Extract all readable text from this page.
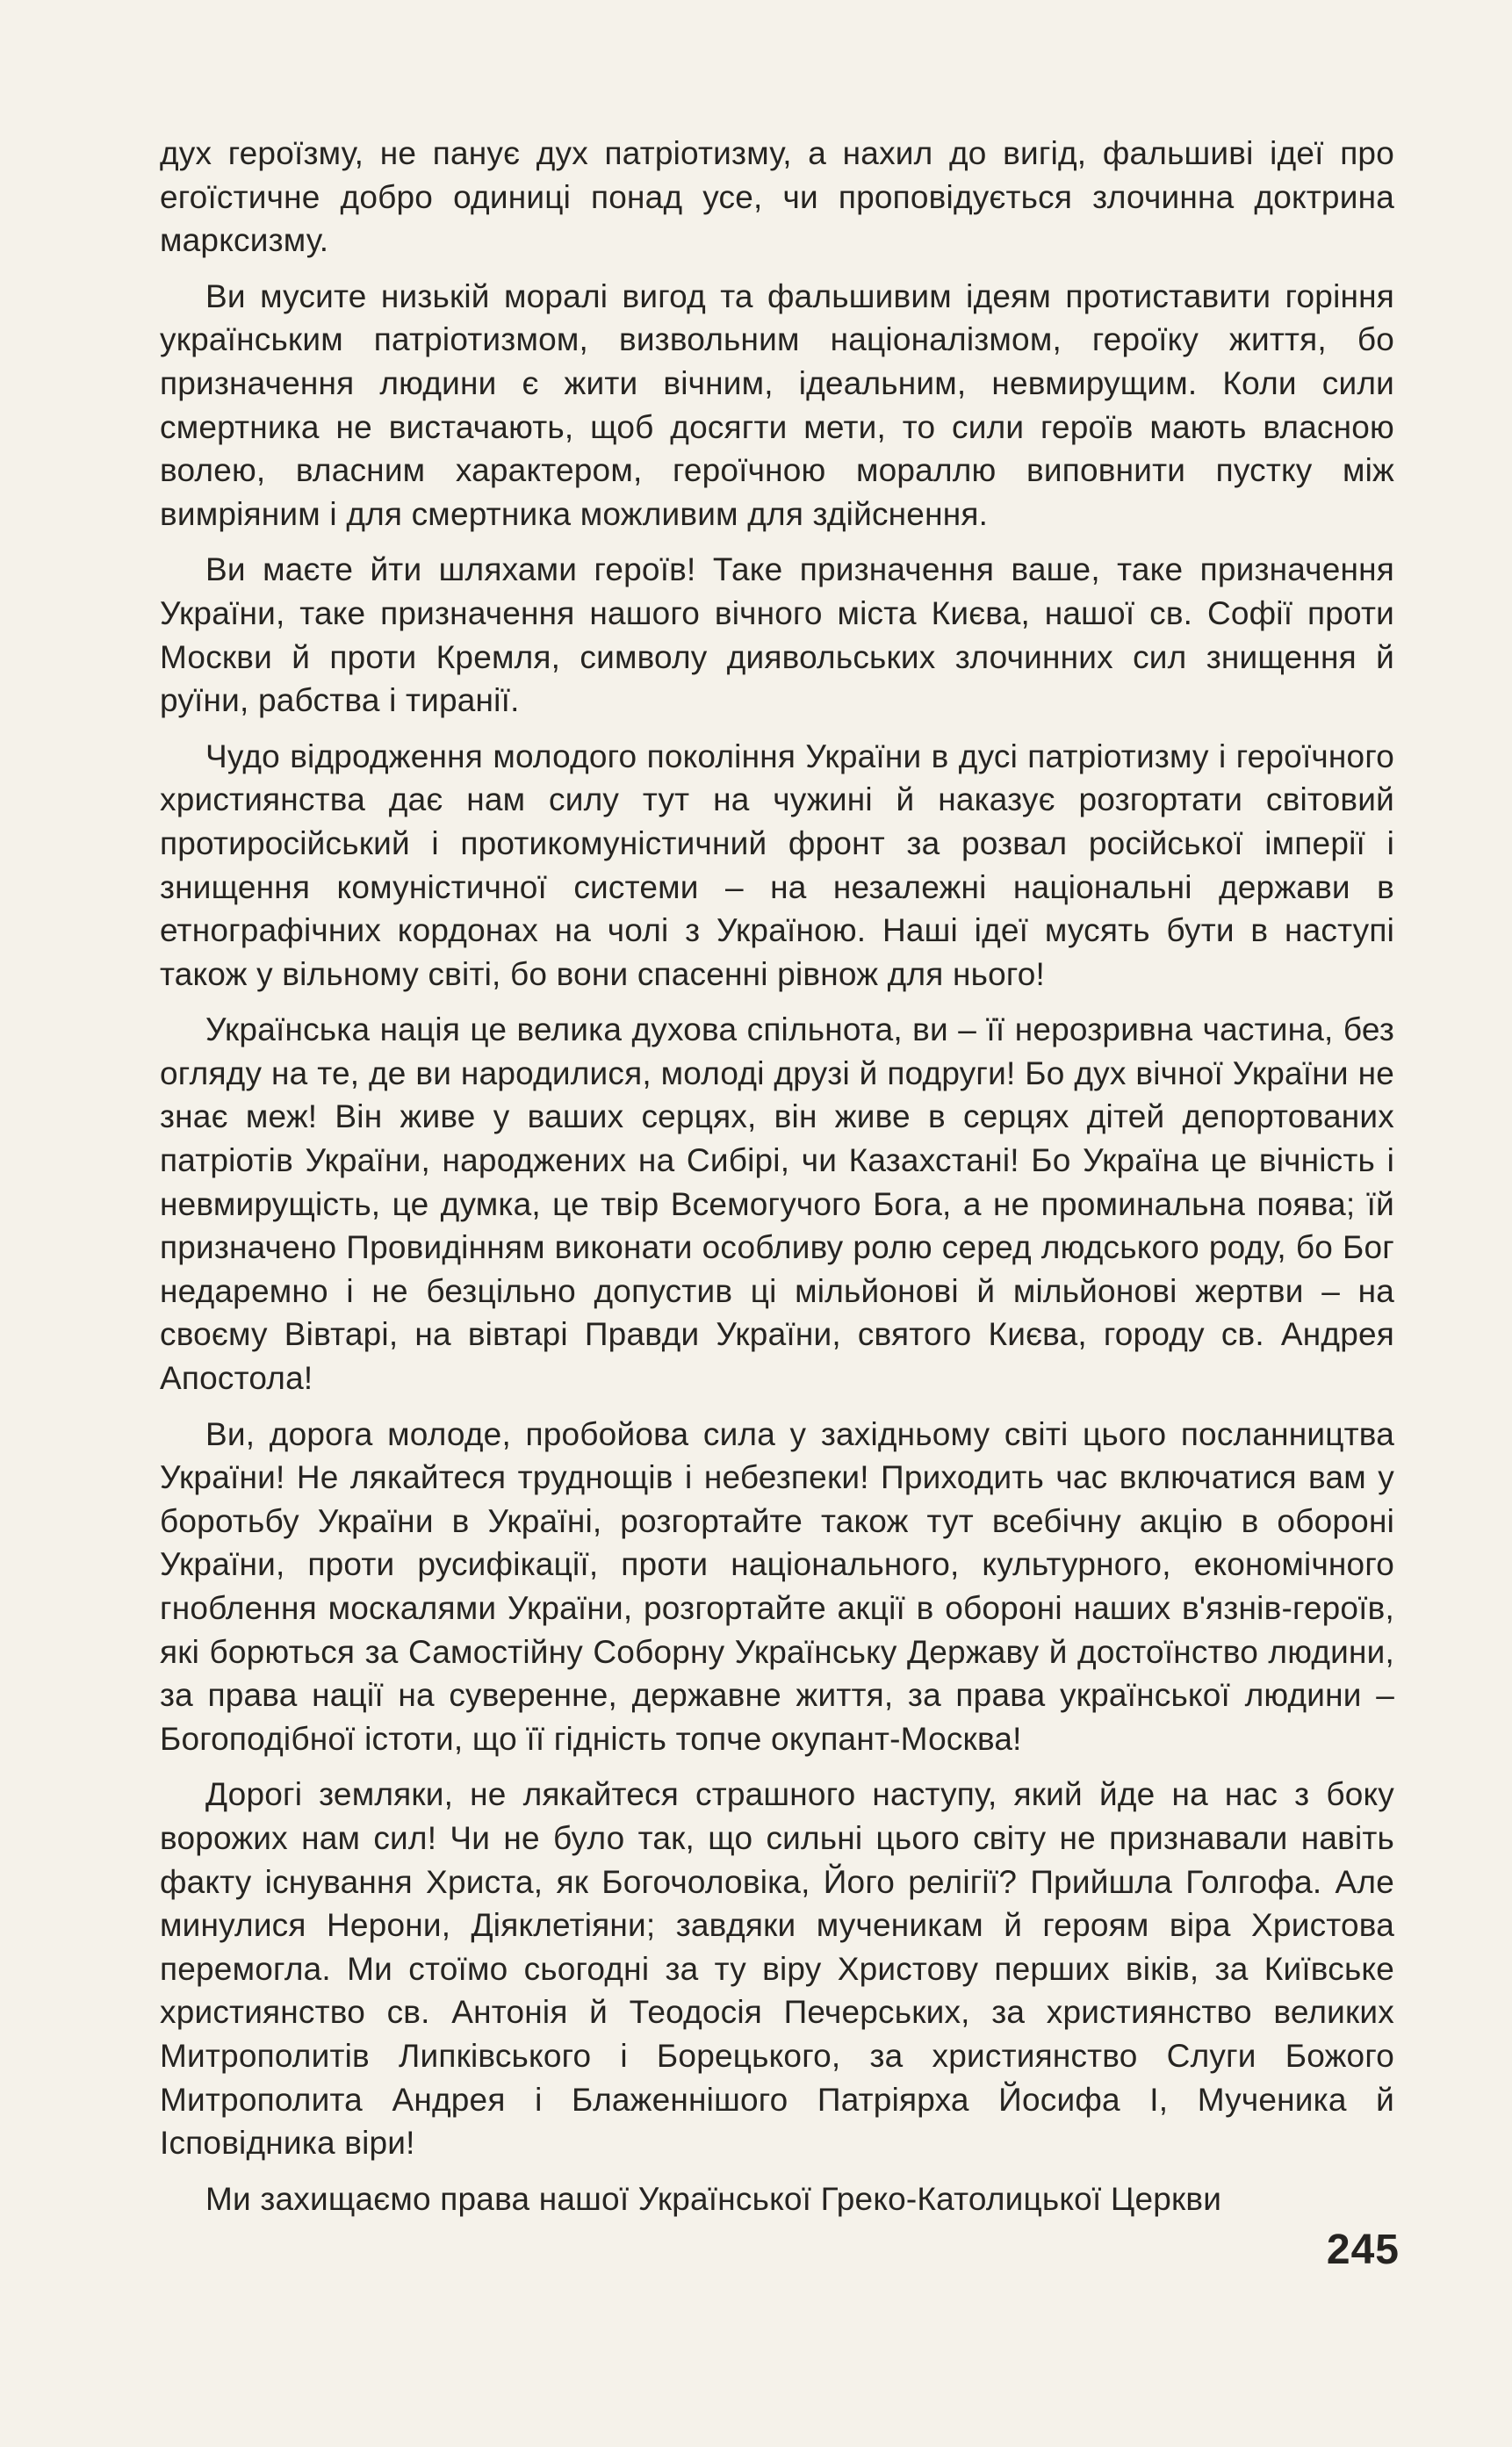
дух героїзму, не панує дух патріотизму, а нахил до вигід, фальшиві ідеї про егоїстичне добро одиниці понад усе, чи проповідується злочинна доктрина марксизму.

Ви мусите низькій моралі вигод та фальшивим ідеям протиставити горіння українським патріотизмом, визвольним націоналізмом, героїку життя, бо призначення людини є жити вічним, ідеальним, невмирущим. Коли сили смертника не вистачають, щоб досягти мети, то сили героїв мають власною волею, власним характером, героїчною мораллю виповнити пустку між вимріяним і для смертника можливим для здійснення.

Ви маєте йти шляхами героїв! Таке призначення ваше, таке призначення України, таке призначення нашого вічного міста Києва, нашої св. Софії проти Москви й проти Кремля, символу диявольських злочинних сил знищення й руїни, рабства і тиранії.

Чудо відродження молодого покоління України в дусі патріотизму і героїчного християнства дає нам силу тут на чужині й наказує розгортати світовий протиросійський і протикомуністичний фронт за розвал російської імперії і знищення комуністичної системи – на незалежні національні держави в етнографічних кордонах на чолі з Україною. Наші ідеї мусять бути в наступі також у вільному світі, бо вони спасенні рівнож для нього!

Українська нація це велика духова спільнота, ви – її нерозривна частина, без огляду на те, де ви народилися, молоді друзі й подруги! Бо дух вічної України не знає меж! Він живе у ваших серцях, він живе в серцях дітей депортованих патріотів України, народжених на Сибірі, чи Казахстані! Бо Україна це вічність і невмирущість, це думка, це твір Всемогучого Бога, а не проминальна поява; їй призначено Провидінням виконати особливу ролю серед людського роду, бо Бог недаремно і не безцільно допустив ці мільйонові й мільйонові жертви – на своєму Вівтарі, на вівтарі Правди України, святого Києва, городу св. Андрея Апостола!

Ви, дорога молоде, пробойова сила у західньому світі цього посланництва України! Не лякайтеся труднощів і небезпеки! Приходить час включатися вам у боротьбу України в Україні, розгортайте також тут всебічну акцію в обороні України, проти русифікації, проти національного, культурного, економічного гноблення москалями України, розгортайте акції в обороні наших в'язнів-героїв, які борються за Самостійну Соборну Українську Державу й достоїнство людини, за права нації на суверенне, державне життя, за права української людини – Богоподібної істоти, що її гідність топче окупант-Москва!

Дорогі земляки, не лякайтеся страшного наступу, який йде на нас з боку ворожих нам сил! Чи не було так, що сильні цього світу не признавали навіть факту існування Христа, як Богочоловіка, Його релігії? Прийшла Голгофа. Але минулися Нерони, Діяклетіяни; завдяки мученикам й героям віра Христова перемогла. Ми стоїмо сьогодні за ту віру Христову перших віків, за Київське християнство св. Антонія й Теодосія Печерських, за християнство великих Митрополитів Липківського і Борецького, за християнство Слуги Божого Митрополита Андрея і Блаженнішого Патріярха Йосифа I, Мученика й Ісповідника віри!

Ми захищаємо права нашої Української Греко-Католицької Церкви

245
